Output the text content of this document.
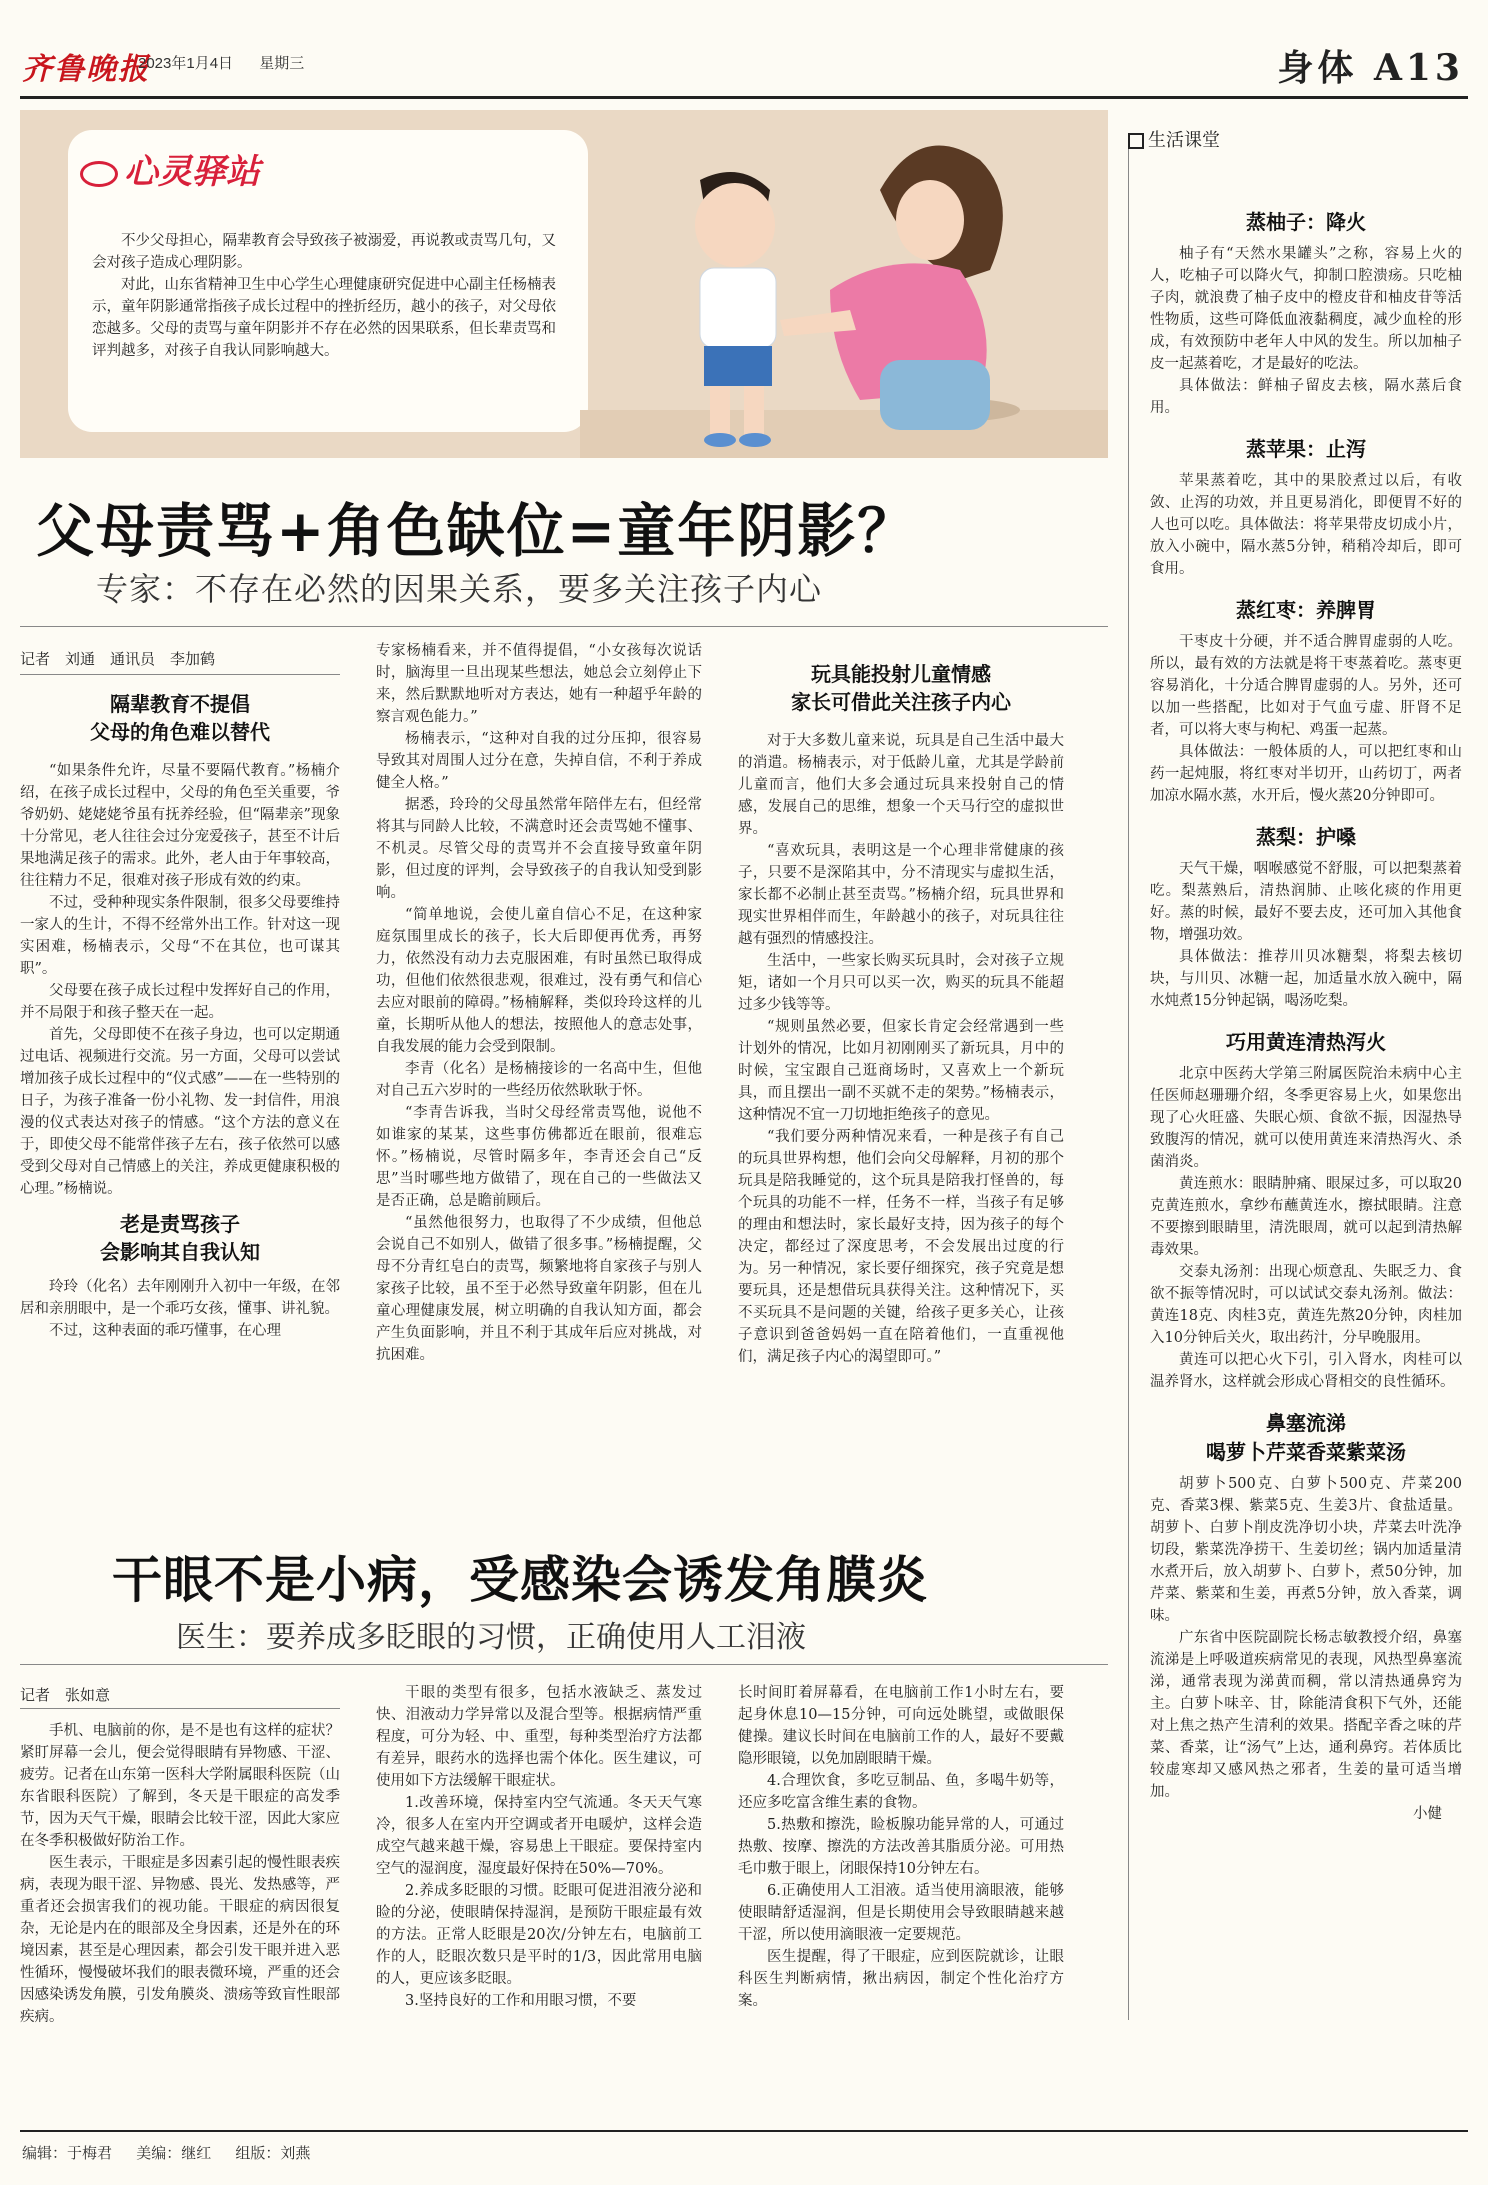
齐鲁晚报
2023年1月4日 星期三	身体 A13
心灵驿站

不少父母担心，隔辈教育会导致孩子被溺爱，再说教或责骂几句，又会对孩子造成心理阴影。

对此，山东省精神卫生中心学生心理健康研究促进中心副主任杨楠表示，童年阴影通常指孩子成长过程中的挫折经历，越小的孩子，对父母依恋越多。父母的责骂与童年阴影并不存在必然的因果联系，但长辈责骂和评判越多，对孩子自我认同影响越大。

父母责骂+角色缺位=童年阴影？
专家：不存在必然的因果关系，要多关注孩子内心
记者　刘通　通讯员　李加鹤
隔辈教育不提倡
父母的角色难以替代

“如果条件允许，尽量不要隔代教育。”杨楠介绍，在孩子成长过程中，父母的角色至关重要，爷爷奶奶、姥姥姥爷虽有抚养经验，但“隔辈亲”现象十分常见，老人往往会过分宠爱孩子，甚至不计后果地满足孩子的需求。此外，老人由于年事较高，往往精力不足，很难对孩子形成有效的约束。

不过，受种种现实条件限制，很多父母要维持一家人的生计，不得不经常外出工作。针对这一现实困难，杨楠表示，父母“不在其位，也可谋其职”。

父母要在孩子成长过程中发挥好自己的作用，并不局限于和孩子整天在一起。

首先，父母即使不在孩子身边，也可以定期通过电话、视频进行交流。另一方面，父母可以尝试增加孩子成长过程中的“仪式感”——在一些特别的日子，为孩子准备一份小礼物、发一封信件，用浪漫的仪式表达对孩子的情感。“这个方法的意义在于，即使父母不能常伴孩子左右，孩子依然可以感受到父母对自己情感上的关注，养成更健康积极的心理。”杨楠说。

老是责骂孩子
会影响其自我认知

玲玲（化名）去年刚刚升入初中一年级，在邻居和亲朋眼中，是一个乖巧女孩，懂事、讲礼貌。

不过，这种表面的乖巧懂事，在心理

专家杨楠看来，并不值得提倡，“小女孩每次说话时，脑海里一旦出现某些想法，她总会立刻停止下来，然后默默地听对方表达，她有一种超乎年龄的察言观色能力。”

杨楠表示，“这种对自我的过分压抑，很容易导致其对周围人过分在意，失掉自信，不利于养成健全人格。”

据悉，玲玲的父母虽然常年陪伴左右，但经常将其与同龄人比较，不满意时还会责骂她不懂事、不机灵。尽管父母的责骂并不会直接导致童年阴影，但过度的评判，会导致孩子的自我认知受到影响。

“简单地说，会使儿童自信心不足，在这种家庭氛围里成长的孩子，长大后即便再优秀，再努力，依然没有动力去克服困难，有时虽然已取得成功，但他们依然很悲观，很难过，没有勇气和信心去应对眼前的障碍。”杨楠解释，类似玲玲这样的儿童，长期听从他人的想法，按照他人的意志处事，自我发展的能力会受到限制。

李青（化名）是杨楠接诊的一名高中生，但他对自己五六岁时的一些经历依然耿耿于怀。

“李青告诉我，当时父母经常责骂他，说他不如谁家的某某，这些事仿佛都近在眼前，很难忘怀。”杨楠说，尽管时隔多年，李青还会自己“反思”当时哪些地方做错了，现在自己的一些做法又是否正确，总是瞻前顾后。

“虽然他很努力，也取得了不少成绩，但他总会说自己不如别人，做错了很多事。”杨楠提醒，父母不分青红皂白的责骂，频繁地将自家孩子与别人家孩子比较，虽不至于必然导致童年阴影，但在儿童心理健康发展，树立明确的自我认知方面，都会产生负面影响，并且不利于其成年后应对挑战，对抗困难。

玩具能投射儿童情感
家长可借此关注孩子内心

对于大多数儿童来说，玩具是自己生活中最大的消遣。杨楠表示，对于低龄儿童，尤其是学龄前儿童而言，他们大多会通过玩具来投射自己的情感，发展自己的思维，想象一个天马行空的虚拟世界。

“喜欢玩具，表明这是一个心理非常健康的孩子，只要不是深陷其中，分不清现实与虚拟生活，家长都不必制止甚至责骂。”杨楠介绍，玩具世界和现实世界相伴而生，年龄越小的孩子，对玩具往往越有强烈的情感投注。

生活中，一些家长购买玩具时，会对孩子立规矩，诸如一个月只可以买一次，购买的玩具不能超过多少钱等等。

“规则虽然必要，但家长肯定会经常遇到一些计划外的情况，比如月初刚刚买了新玩具，月中的时候，宝宝跟自己逛商场时，又喜欢上一个新玩具，而且摆出一副不买就不走的架势。”杨楠表示，这种情况不宜一刀切地拒绝孩子的意见。

“我们要分两种情况来看，一种是孩子有自己的玩具世界构想，他们会向父母解释，月初的那个玩具是陪我睡觉的，这个玩具是陪我打怪兽的，每个玩具的功能不一样，任务不一样，当孩子有足够的理由和想法时，家长最好支持，因为孩子的每个决定，都经过了深度思考，不会发展出过度的行为。另一种情况，家长要仔细探究，孩子究竟是想要玩具，还是想借玩具获得关注。这种情况下，买不买玩具不是问题的关键，给孩子更多关心，让孩子意识到爸爸妈妈一直在陪着他们，一直重视他们，满足孩子内心的渴望即可。”

干眼不是小病，受感染会诱发角膜炎
医生：要养成多眨眼的习惯，正确使用人工泪液
记者　张如意

手机、电脑前的你，是不是也有这样的症状？紧盯屏幕一会儿，便会觉得眼睛有异物感、干涩、疲劳。记者在山东第一医科大学附属眼科医院（山东省眼科医院）了解到，冬天是干眼症的高发季节，因为天气干燥，眼睛会比较干涩，因此大家应在冬季积极做好防治工作。

医生表示，干眼症是多因素引起的慢性眼表疾病，表现为眼干涩、异物感、畏光、发热感等，严重者还会损害我们的视功能。干眼症的病因很复杂，无论是内在的眼部及全身因素，还是外在的环境因素，甚至是心理因素，都会引发干眼并进入恶性循环，慢慢破坏我们的眼表微环境，严重的还会因感染诱发角膜，引发角膜炎、溃疡等致盲性眼部疾病。

干眼的类型有很多，包括水液缺乏、蒸发过快、泪液动力学异常以及混合型等。根据病情严重程度，可分为轻、中、重型，每种类型治疗方法都有差异，眼药水的选择也需个体化。医生建议，可使用如下方法缓解干眼症状。

1.改善环境，保持室内空气流通。冬天天气寒冷，很多人在室内开空调或者开电暖炉，这样会造成空气越来越干燥，容易患上干眼症。要保持室内空气的湿润度，湿度最好保持在50%—70%。

2.养成多眨眼的习惯。眨眼可促进泪液分泌和睑的分泌，使眼睛保持湿润，是预防干眼症最有效的方法。正常人眨眼是20次/分钟左右，电脑前工作的人，眨眼次数只是平时的1/3，因此常用电脑的人，更应该多眨眼。

3.坚持良好的工作和用眼习惯，不要

长时间盯着屏幕看，在电脑前工作1小时左右，要起身休息10—15分钟，可向远处眺望，或做眼保健操。建议长时间在电脑前工作的人，最好不要戴隐形眼镜，以免加剧眼睛干燥。

4.合理饮食，多吃豆制品、鱼，多喝牛奶等，还应多吃富含维生素的食物。

5.热敷和擦洗，睑板腺功能异常的人，可通过热敷、按摩、擦洗的方法改善其脂质分泌。可用热毛巾敷于眼上，闭眼保持10分钟左右。

6.正确使用人工泪液。适当使用滴眼液，能够使眼睛舒适湿润，但是长期使用会导致眼睛越来越干涩，所以使用滴眼液一定要规范。

医生提醒，得了干眼症，应到医院就诊，让眼科医生判断病情，揪出病因，制定个性化治疗方案。

生活课堂
蒸柚子：降火

柚子有“天然水果罐头”之称，容易上火的人，吃柚子可以降火气，抑制口腔溃疡。只吃柚子肉，就浪费了柚子皮中的橙皮苷和柚皮苷等活性物质，这些可降低血液黏稠度，减少血栓的形成，有效预防中老年人中风的发生。所以加柚子皮一起蒸着吃，才是最好的吃法。

具体做法：鲜柚子留皮去核，隔水蒸后食用。

蒸苹果：止泻

苹果蒸着吃，其中的果胶煮过以后，有收敛、止泻的功效，并且更易消化，即便胃不好的人也可以吃。具体做法：将苹果带皮切成小片，放入小碗中，隔水蒸5分钟，稍稍冷却后，即可食用。

蒸红枣：养脾胃

干枣皮十分硬，并不适合脾胃虚弱的人吃。所以，最有效的方法就是将干枣蒸着吃。蒸枣更容易消化，十分适合脾胃虚弱的人。另外，还可以加一些搭配，比如对于气血亏虚、肝肾不足者，可以将大枣与枸杞、鸡蛋一起蒸。

具体做法：一般体质的人，可以把红枣和山药一起炖服，将红枣对半切开，山药切丁，两者加凉水隔水蒸，水开后，慢火蒸20分钟即可。

蒸梨：护嗓

天气干燥，咽喉感觉不舒服，可以把梨蒸着吃。梨蒸熟后，清热润肺、止咳化痰的作用更好。蒸的时候，最好不要去皮，还可加入其他食物，增强功效。

具体做法：推荐川贝冰糖梨，将梨去核切块，与川贝、冰糖一起，加适量水放入碗中，隔水炖煮15分钟起锅，喝汤吃梨。

巧用黄连清热泻火

北京中医药大学第三附属医院治未病中心主任医师赵珊珊介绍，冬季更容易上火，如果您出现了心火旺盛、失眠心烦、食欲不振，因湿热导致腹泻的情况，就可以使用黄连来清热泻火、杀菌消炎。

黄连煎水：眼睛肿痛、眼屎过多，可以取20克黄连煎水，拿纱布蘸黄连水，擦拭眼睛。注意不要擦到眼睛里，清洗眼周，就可以起到清热解毒效果。

交泰丸汤剂：出现心烦意乱、失眠乏力、食欲不振等情况时，可以试试交泰丸汤剂。做法：黄连18克、肉桂3克，黄连先熬20分钟，肉桂加入10分钟后关火，取出药汁，分早晚服用。

黄连可以把心火下引，引入肾水，肉桂可以温养肾水，这样就会形成心肾相交的良性循环。

鼻塞流涕
喝萝卜芹菜香菜紫菜汤

胡萝卜500克、白萝卜500克、芹菜200克、香菜3棵、紫菜5克、生姜3片、食盐适量。胡萝卜、白萝卜削皮洗净切小块，芹菜去叶洗净切段，紫菜洗净捞干、生姜切丝；锅内加适量清水煮开后，放入胡萝卜、白萝卜，煮50分钟，加芹菜、紫菜和生姜，再煮5分钟，放入香菜，调味。

广东省中医院副院长杨志敏教授介绍，鼻塞流涕是上呼吸道疾病常见的表现，风热型鼻塞流涕，通常表现为涕黄而稠，常以清热通鼻窍为主。白萝卜味辛、甘，除能清食积下气外，还能对上焦之热产生清利的效果。搭配辛香之味的芹菜、香菜，让“汤气”上达，通利鼻窍。若体质比较虚寒却又感风热之邪者，生姜的量可适当增加。

小健
编辑：于梅君 美编：继红 组版：刘燕
